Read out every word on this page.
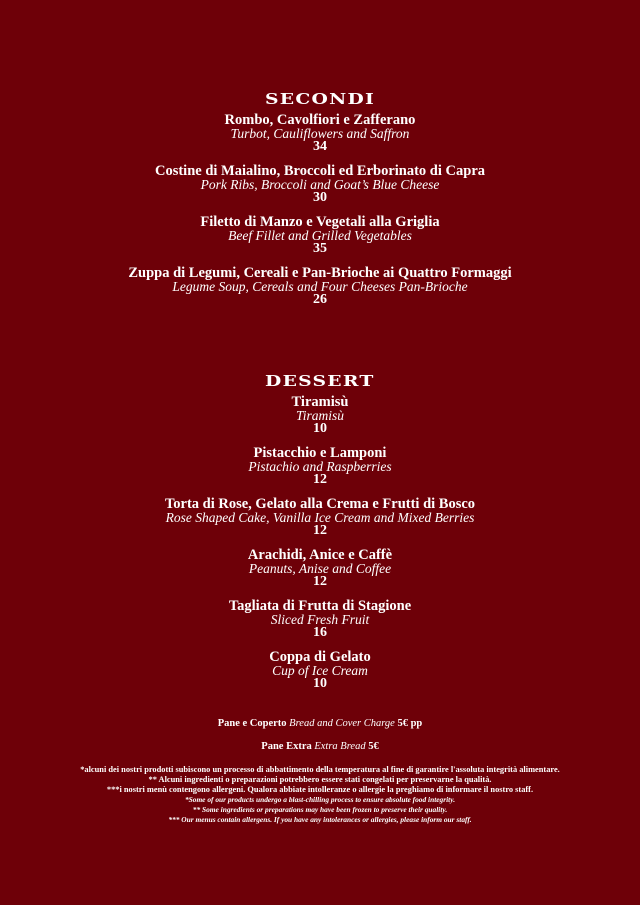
SECONDI
Rombo, Cavolfiori e Zafferano
Turbot, Cauliflowers and Saffron
34
Costine di Maialino, Broccoli ed Erborinato di Capra
Pork Ribs, Broccoli and Goat’s Blue Cheese
30
Filetto di Manzo e Vegetali alla Griglia
Beef Fillet and Grilled Vegetables
35
Zuppa di Legumi, Cereali e Pan-Brioche ai Quattro Formaggi
Legume Soup, Cereals and Four Cheeses Pan-Brioche
26
DESSERT
Tiramisù
Tiramisù
10
Pistacchio e Lamponi
Pistachio and Raspberries
12
Torta di Rose, Gelato alla Crema e Frutti di Bosco
Rose Shaped Cake, Vanilla Ice Cream and Mixed Berries
12
Arachidi, Anice e Caffè
Peanuts, Anise and Coffee
12
Tagliata di Frutta di Stagione
Sliced Fresh Fruit
16
Coppa di Gelato
Cup of Ice Cream
10
Pane e Coperto Bread and Cover Charge 5€ pp
Pane Extra Extra Bread 5€
*alcuni dei nostri prodotti subiscono un processo di abbattimento della temperatura al fine di garantire l'assoluta integrità alimentare.
** Alcuni ingredienti o preparazioni potrebbero essere stati congelati per preservarne la qualità.
***i nostri menù contengono allergeni. Qualora abbiate intolleranze o allergie la preghiamo di informare il nostro staff.
*Some of our products undergo a blast-chilling process to ensure absolute food integrity.
** Some ingredients or preparations may have been frozen to preserve their quality.
*** Our menus contain allergens. If you have any intolerances or allergies, please inform our staff.
